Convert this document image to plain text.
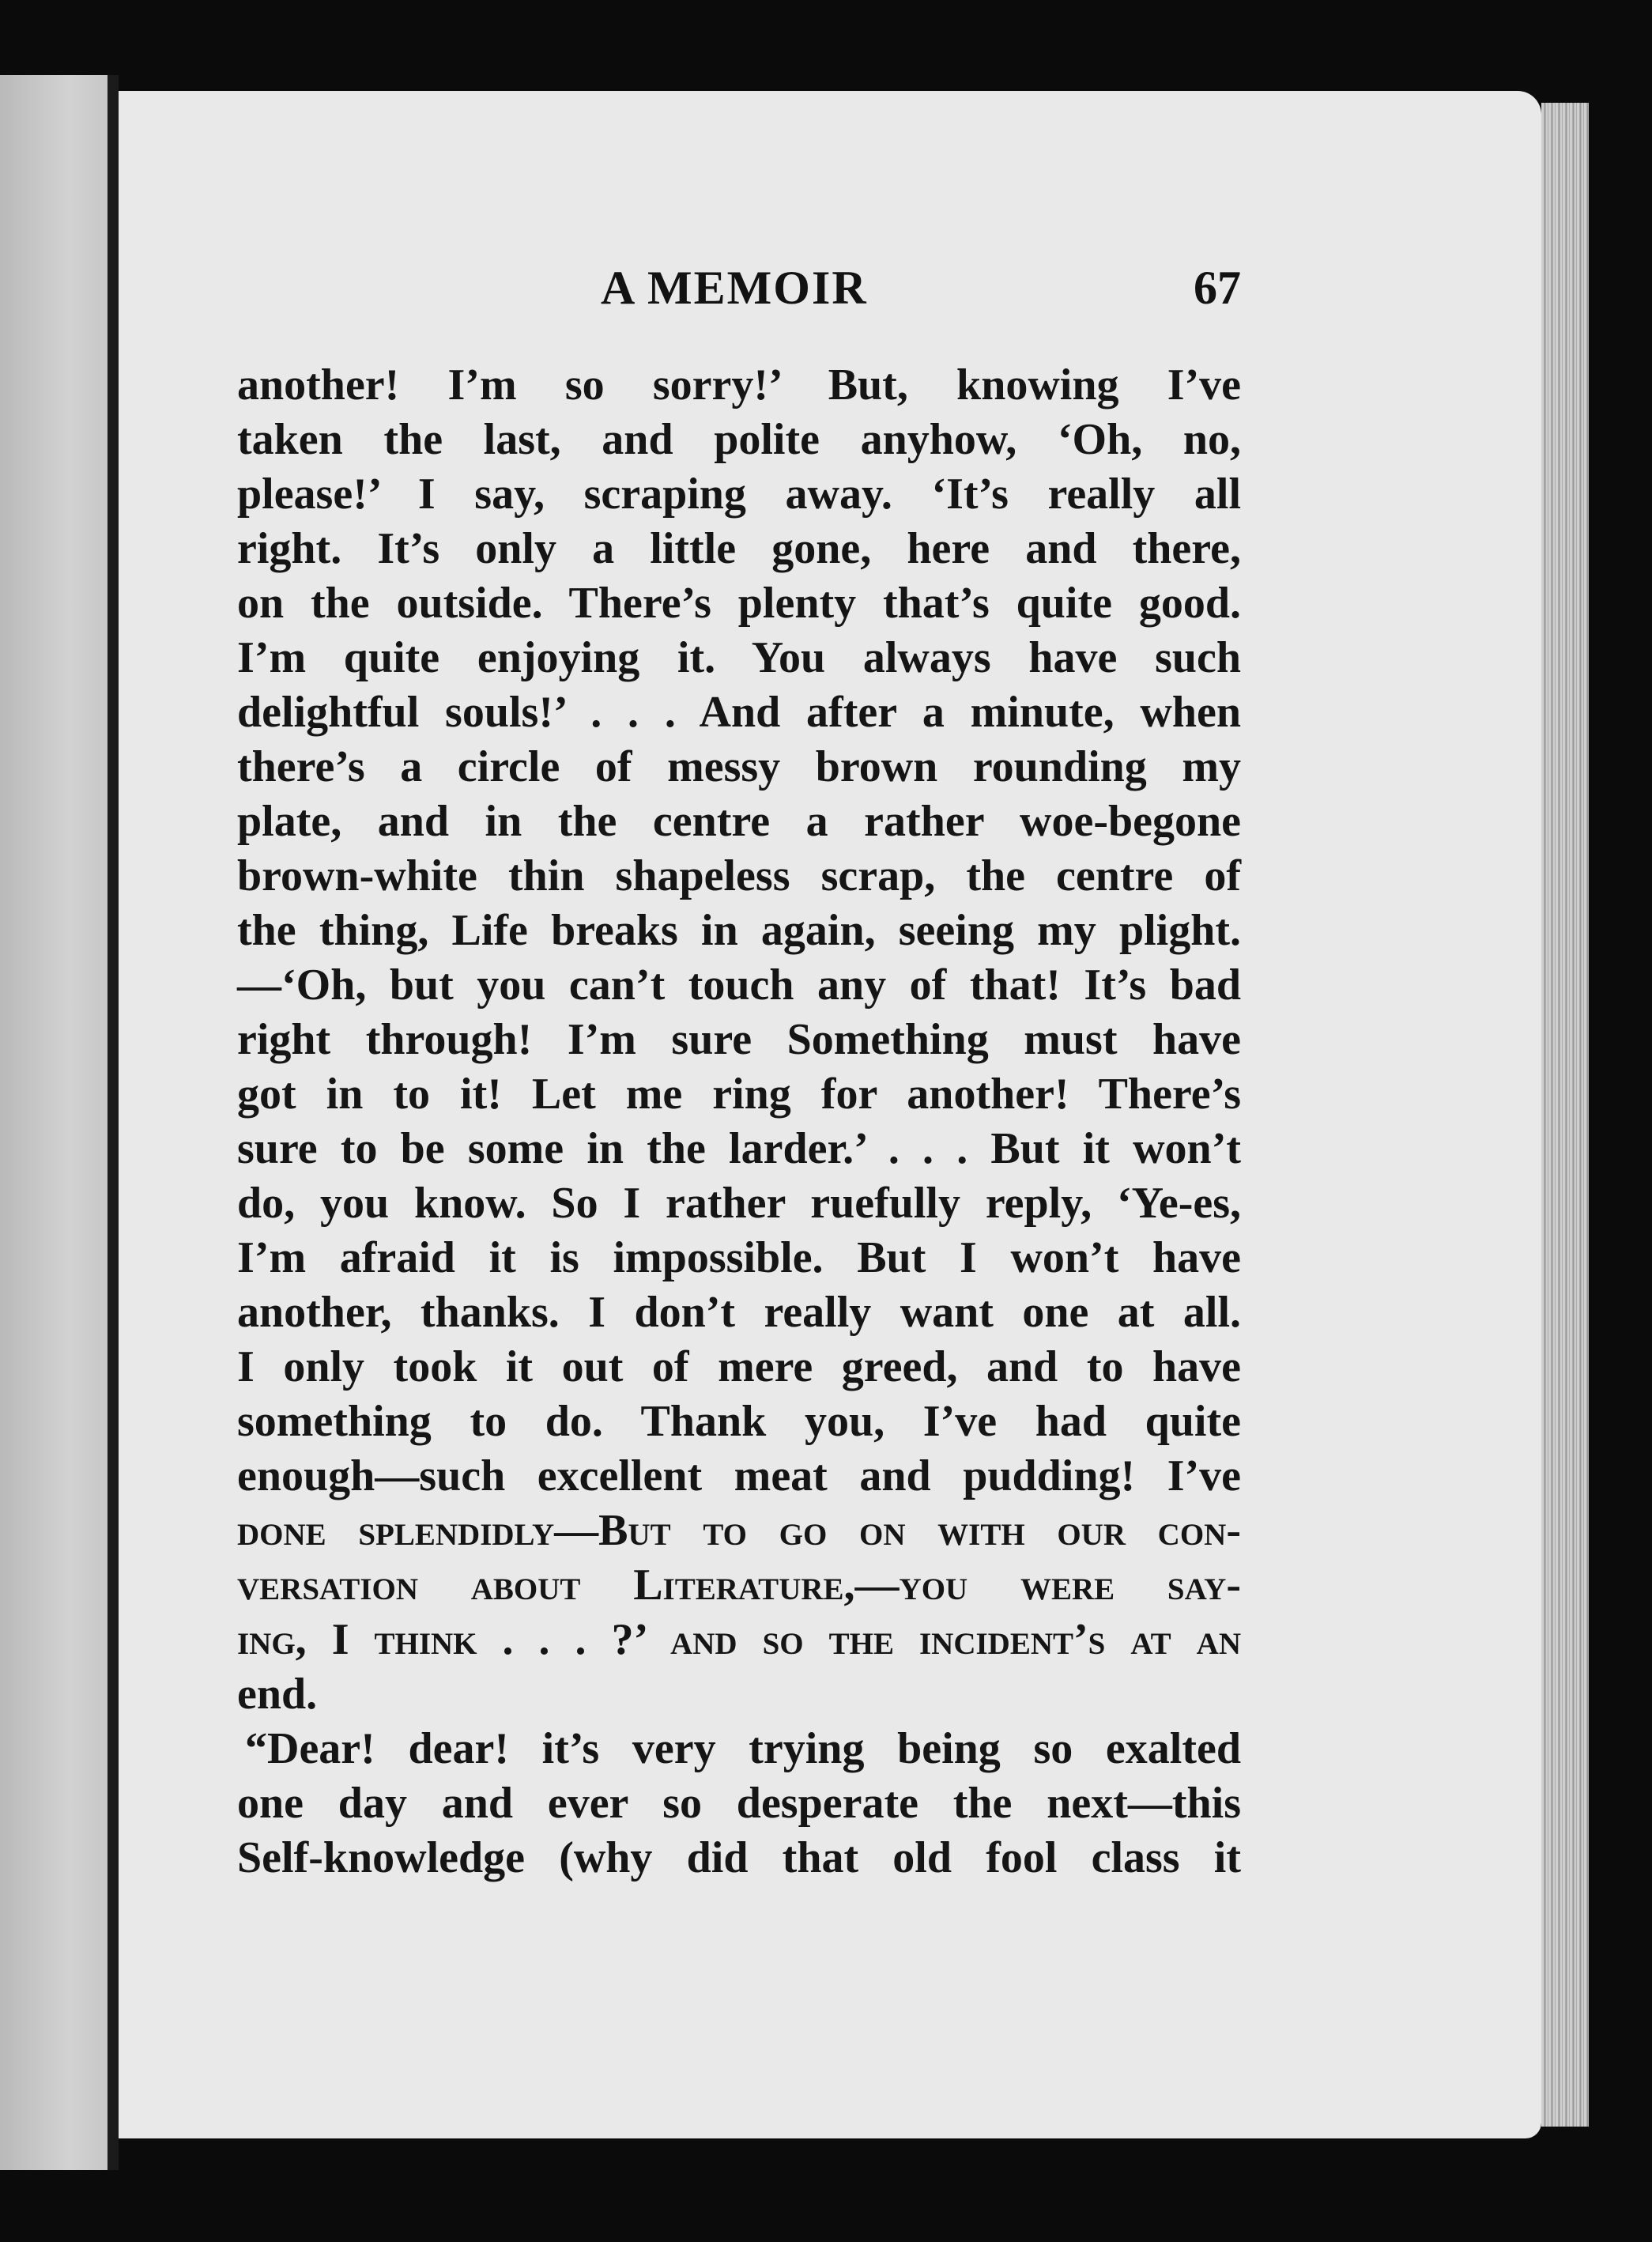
A MEMOIR	67
another! I’m so sorry!’ But, knowing I’ve
taken the last, and polite anyhow, ‘Oh, no,
please!’ I say, scraping away. ‘It’s really all
right. It’s only a little gone, here and there,
on the outside. There’s plenty that’s quite good.
I’m quite enjoying it. You always have such
delightful souls!’ . . . And after a minute, when
there’s a circle of messy brown rounding my
plate, and in the centre a rather woe-begone
brown-white thin shapeless scrap, the centre of
the thing, Life breaks in again, seeing my plight.
—‘Oh, but you can’t touch any of that! It’s bad
right through! I’m sure Something must have
got in to it! Let me ring for another! There’s
sure to be some in the larder.’ . . . But it won’t
do, you know. So I rather ruefully reply, ‘Ye-es,
I’m afraid it is impossible. But I won’t have
another, thanks. I don’t really want one at all.
I only took it out of mere greed, and to have
something to do. Thank you, I’ve had quite
enough—such excellent meat and pudding! I’ve
done splendidly—But to go on with our con-
versation about Literature,—you were say-
ing, I think . . . ?’ and so the incident’s at an
end.
“Dear! dear! it’s very trying being so exalted
one day and ever so desperate the next—this
Self-knowledge (why did that old fool class it
